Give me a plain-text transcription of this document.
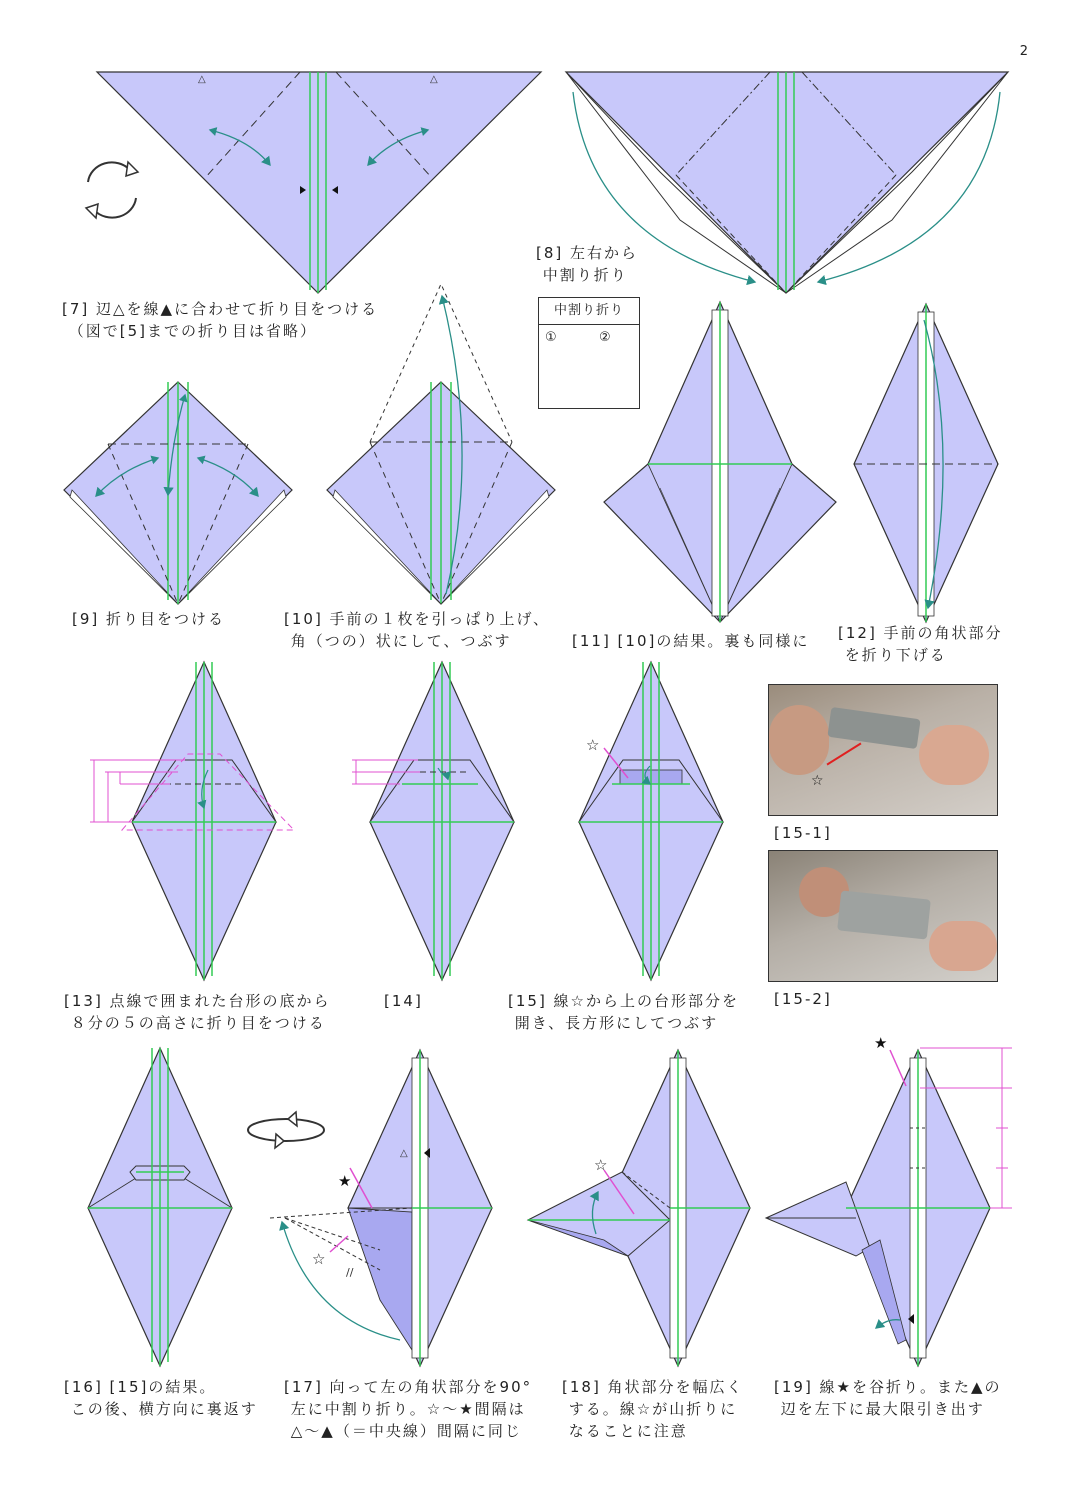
2
△	△
☆
★
☆
//
△
☆
★
中割り折り
①	②
☆
[7] 辺△を線▲に合わせて折り目をつける
（図で[5]までの折り目は省略）
[8] 左右から
中割り折り
[9] 折り目をつける	[10] 手前の１枚を引っぱり上げ、
角（つの）状にして、つぶす	[11] [10]の結果。裏も同様に [12] 手前の角状部分
を折り下げる
[13] 点線で囲まれた台形の底から
８分の５の高さに折り目をつける
[14]	[15] 線☆から上の台形部分を
開き、長方形にしてつぶす
[15-1]
[15-2]
[16] [15]の結果。
この後、横方向に裏返す
[17] 向って左の角状部分を90°
左に中割り折り。☆～★間隔は
△～▲（＝中央線）間隔に同じ
[18] 角状部分を幅広く
する。線☆が山折りに
なることに注意
[19] 線★を谷折り。また▲の
辺を左下に最大限引き出す
